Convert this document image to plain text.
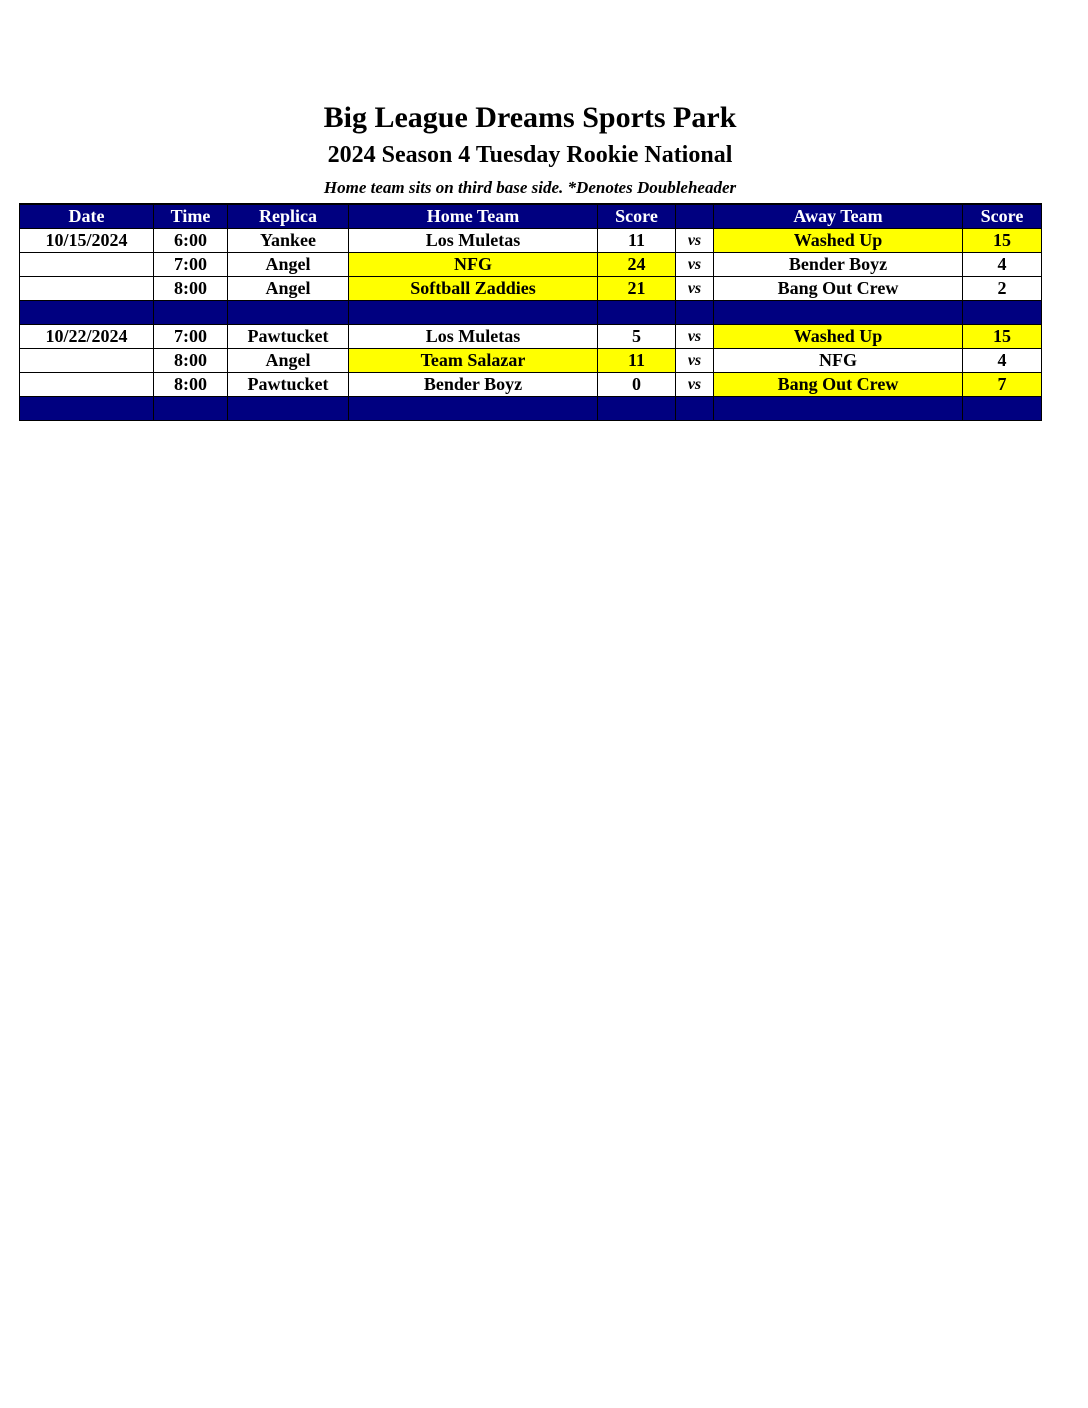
Big League Dreams Sports Park
2024 Season 4 Tuesday Rookie National
Home team sits on third base side. *Denotes Doubleheader
Date	Time	Replica	Home Team	Score		Away Team	Score
10/15/2024	6:00	Yankee	Los Muletas	11	vs	Washed Up	15
	7:00	Angel	NFG	24	vs	Bender Boyz	4
	8:00	Angel	Softball Zaddies	21	vs	Bang Out Crew	2

10/22/2024	7:00	Pawtucket	Los Muletas	5	vs	Washed Up	15
	8:00	Angel	Team Salazar	11	vs	NFG	4
	8:00	Pawtucket	Bender Boyz	0	vs	Bang Out Crew	7
